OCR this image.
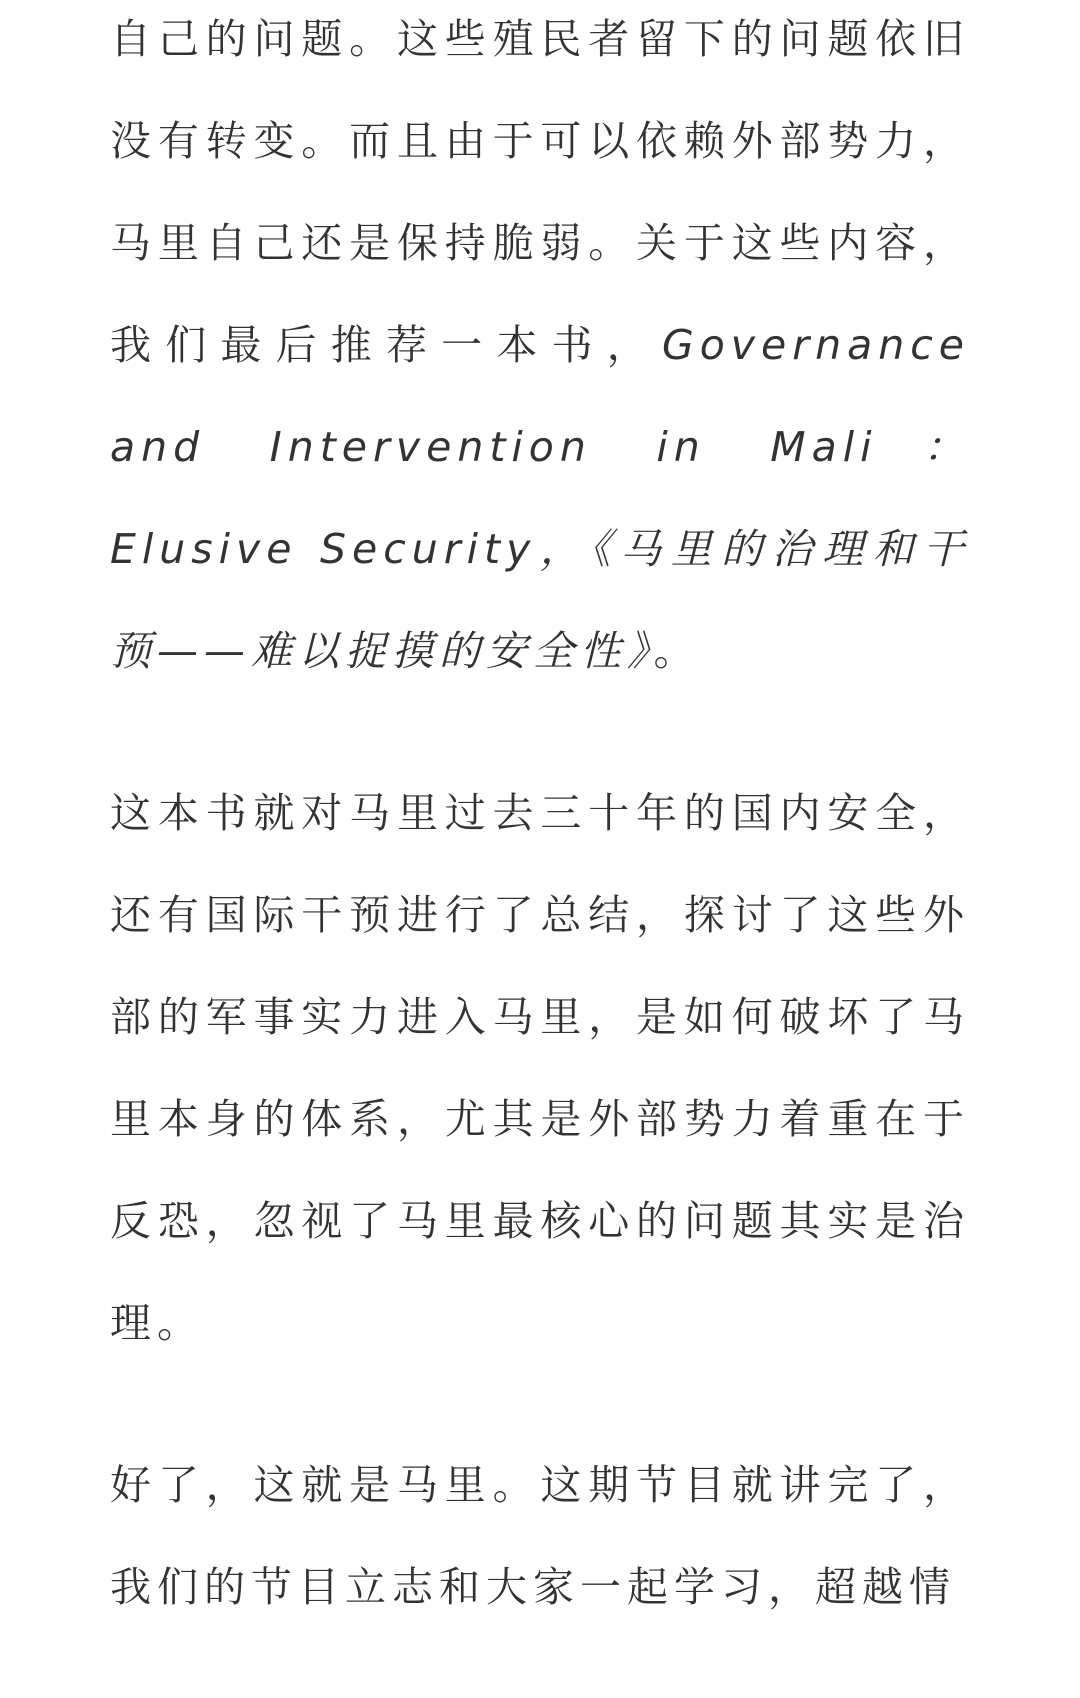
自己的问题。这些殖民者留下的问题依旧没有转变。而且由于可以依赖外部势力，马里自己还是保持脆弱。关于这些内容，我们最后推荐一本书，Governance and Intervention in Mali：Elusive Security，《马里的治理和干预——难以捉摸的安全性》。

这本书就对马里过去三十年的国内安全，还有国际干预进行了总结，探讨了这些外部的军事实力进入马里，是如何破坏了马里本身的体系，尤其是外部势力着重在于反恐，忽视了马里最核心的问题其实是治理。

好了，这就是马里。这期节目就讲完了，我们的节目立志和大家一起学习，超越情
